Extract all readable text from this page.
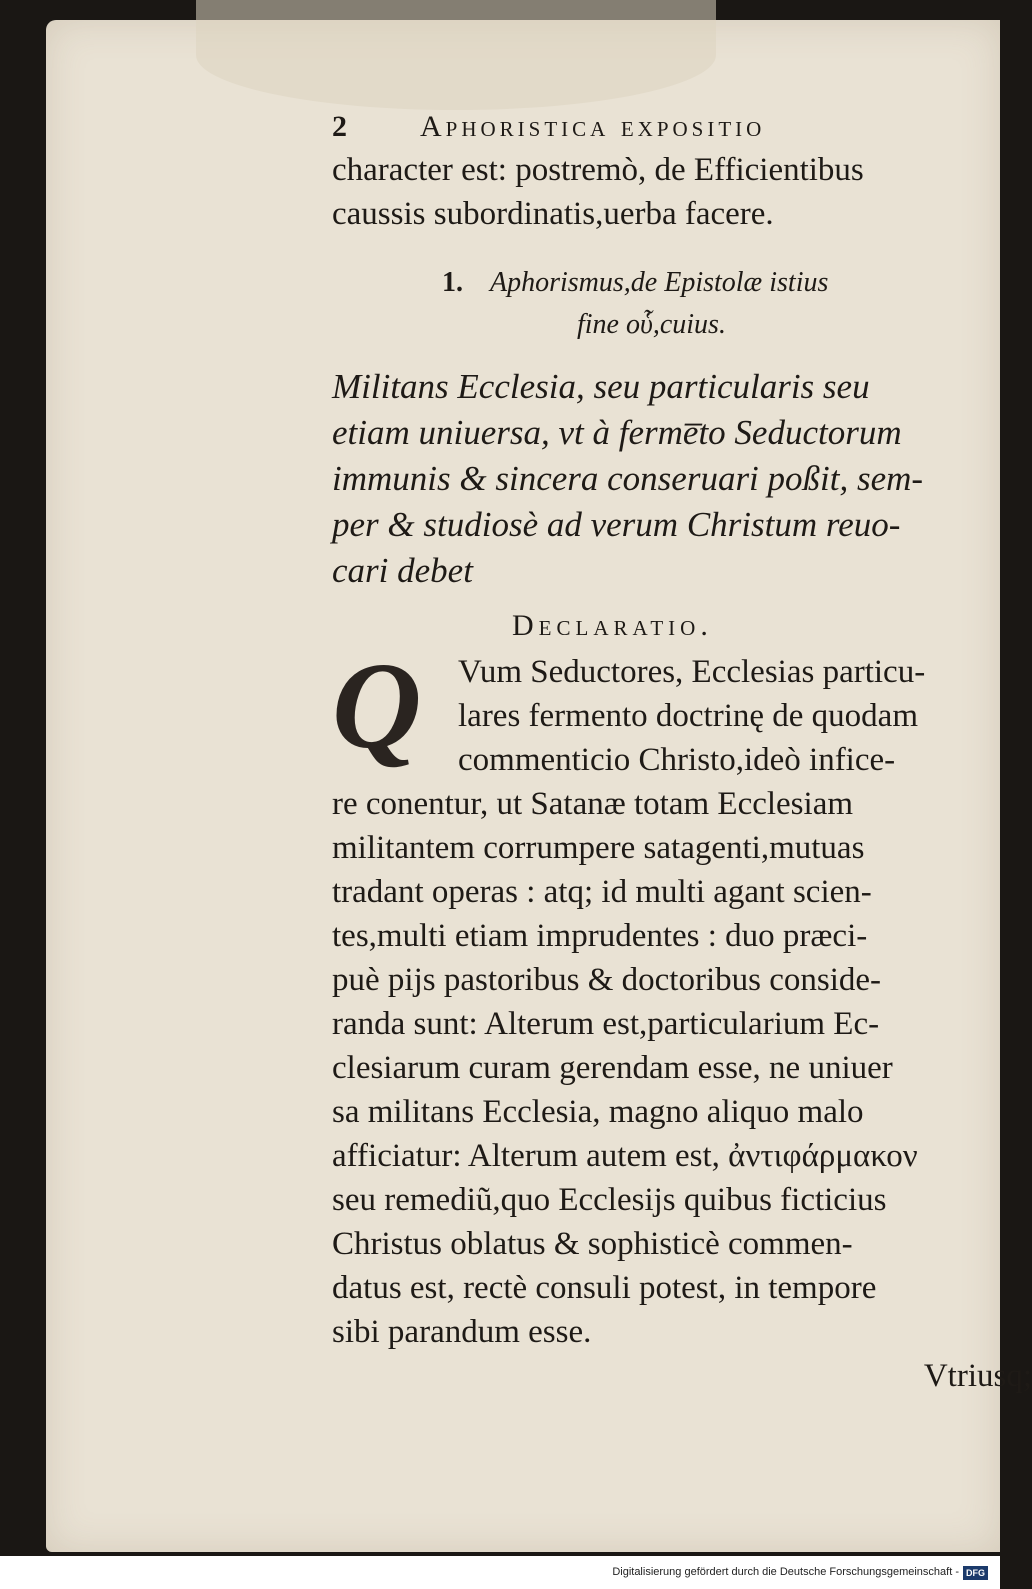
2 Aphoristica expositio
character est: postremò, de Efficientibus
caussis subordinatis,uerba facere.
1. Aphorismus,de Epistolæ istius
fine οὗ,cuius.
Militans Ecclesia, seu particularis seu
etiam uniuersa, vt à ferme̅to Seductorum
immunis & sincera conseruari poßit, sem-
per & studiosè ad verum Christum reuo-
cari debet
Declaratio.
Q	Vum Seductores, Ecclesias particu-
lares fermento doctrinę de quodam
commenticio Christo,ideò infice-
re conentur, ut Satanæ totam Ecclesiam
militantem corrumpere satagenti,mutuas
tradant operas : atq; id multi agant scien-
tes,multi etiam imprudentes : duo præci-
puè pijs pastoribus & doctoribus conside-
randa sunt: Alterum est,particularium Ec-
clesiarum curam gerendam esse, ne uniuer
sa militans Ecclesia, magno aliquo malo
afficiatur: Alterum autem est, ἀντιφάρμακον
seu remediũ,quo Ecclesijs quibus ficticius
Christus oblatus & sophisticè commen-
datus est, rectè consuli potest, in tempore
sibi parandum esse.
Vtriusq;
Digitalisierung gefördert durch die Deutsche Forschungsgemeinschaft - DFG
